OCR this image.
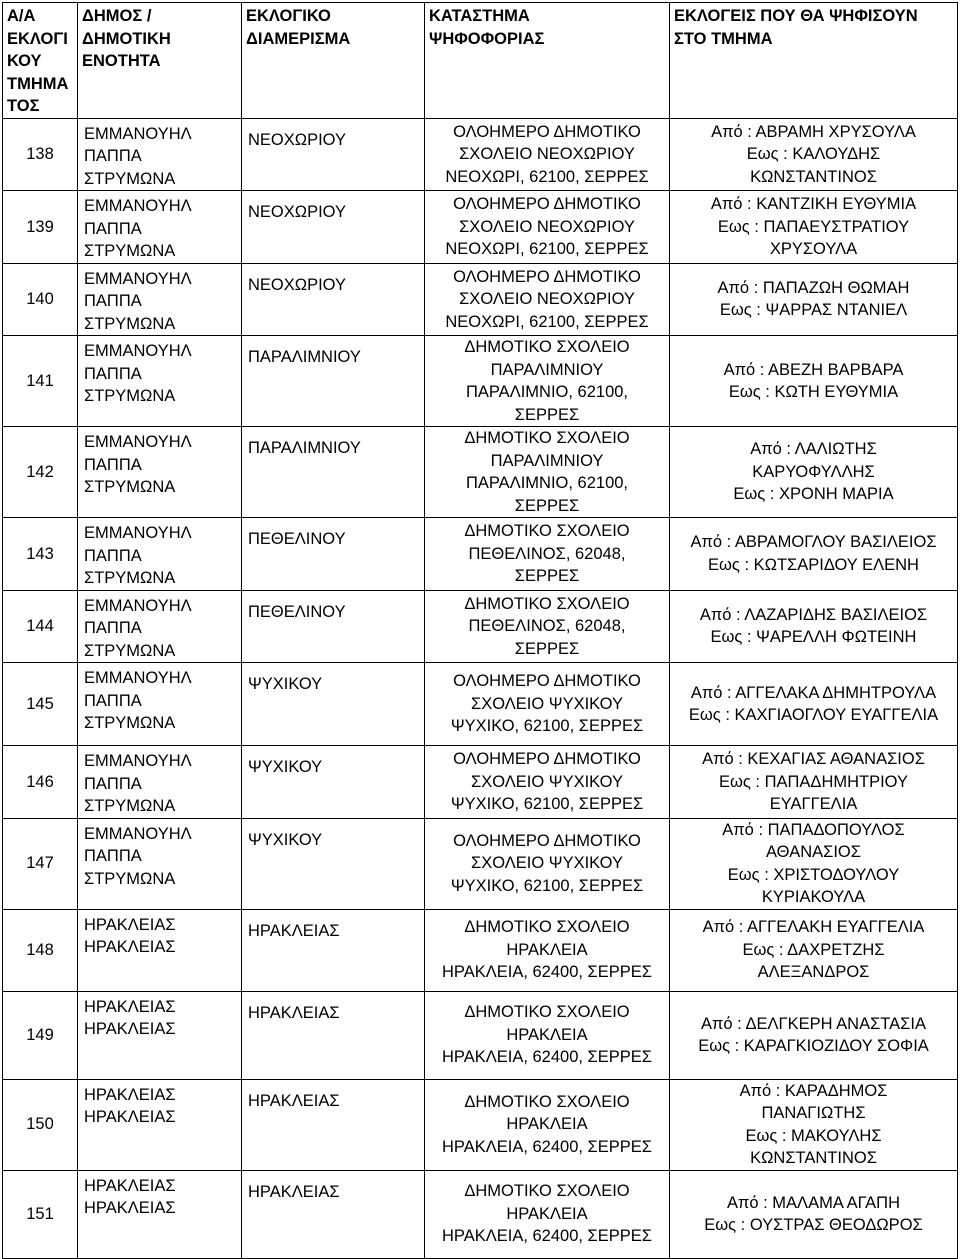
Α/Α
ΕΚΛΟΓΙ
ΚΟΥ
ΤΜΗΜΑ
ΤΟΣ	ΔΗΜΟΣ /
ΔΗΜΟΤΙΚΗ
ΕΝΟΤΗΤΑ	ΕΚΛΟΓΙΚΟ
ΔΙΑΜΕΡΙΣΜΑ	ΚΑΤΑΣΤΗΜΑ
ΨΗΦΟΦΟΡΙΑΣ	ΕΚΛΟΓΕΙΣ ΠΟΥ ΘΑ ΨΗΦΙΣΟΥΝ
ΣΤΟ ΤΜΗΜΑ

138	ΕΜΜΑΝΟΥΗΛ
ΠΑΠΠΑ
ΣΤΡΥΜΩΝΑ	ΝΕΟΧΩΡΙΟΥ	ΟΛΟΗΜΕΡΟ ΔΗΜΟΤΙΚΟ
ΣΧΟΛΕΙΟ ΝΕΟΧΩΡΙΟΥ
ΝΕΟΧΩΡΙ, 62100, ΣΕΡΡΕΣ	Από : ΑΒΡΑΜΗ ΧΡΥΣΟΥΛΑ
Εως : ΚΑΛΟΥΔΗΣ
ΚΩΝΣΤΑΝΤΙΝΟΣ

139	ΕΜΜΑΝΟΥΗΛ
ΠΑΠΠΑ
ΣΤΡΥΜΩΝΑ	ΝΕΟΧΩΡΙΟΥ	ΟΛΟΗΜΕΡΟ ΔΗΜΟΤΙΚΟ
ΣΧΟΛΕΙΟ ΝΕΟΧΩΡΙΟΥ
ΝΕΟΧΩΡΙ, 62100, ΣΕΡΡΕΣ	Από : ΚΑΝΤΖΙΚΗ ΕΥΘΥΜΙΑ
Εως : ΠΑΠΑΕΥΣΤΡΑΤΙΟΥ
ΧΡΥΣΟΥΛΑ

140	ΕΜΜΑΝΟΥΗΛ
ΠΑΠΠΑ
ΣΤΡΥΜΩΝΑ	ΝΕΟΧΩΡΙΟΥ	ΟΛΟΗΜΕΡΟ ΔΗΜΟΤΙΚΟ
ΣΧΟΛΕΙΟ ΝΕΟΧΩΡΙΟΥ
ΝΕΟΧΩΡΙ, 62100, ΣΕΡΡΕΣ	Από : ΠΑΠΑΖΩΗ ΘΩΜΑΗ
Εως : ΨΑΡΡΑΣ ΝΤΑΝΙΕΛ

141	ΕΜΜΑΝΟΥΗΛ
ΠΑΠΠΑ
ΣΤΡΥΜΩΝΑ	ΠΑΡΑΛΙΜΝΙΟΥ	ΔΗΜΟΤΙΚΟ ΣΧΟΛΕΙΟ
ΠΑΡΑΛΙΜΝΙΟΥ
ΠΑΡΑΛΙΜΝΙΟ, 62100,
ΣΕΡΡΕΣ	Από : ΑΒΕΖΗ ΒΑΡΒΑΡΑ
Εως : ΚΩΤΗ ΕΥΘΥΜΙΑ

142	ΕΜΜΑΝΟΥΗΛ
ΠΑΠΠΑ
ΣΤΡΥΜΩΝΑ	ΠΑΡΑΛΙΜΝΙΟΥ	ΔΗΜΟΤΙΚΟ ΣΧΟΛΕΙΟ
ΠΑΡΑΛΙΜΝΙΟΥ
ΠΑΡΑΛΙΜΝΙΟ, 62100,
ΣΕΡΡΕΣ	Από : ΛΑΛΙΩΤΗΣ
ΚΑΡΥΟΦΥΛΛΗΣ
Εως : ΧΡΟΝΗ ΜΑΡΙΑ

143	ΕΜΜΑΝΟΥΗΛ
ΠΑΠΠΑ
ΣΤΡΥΜΩΝΑ	ΠΕΘΕΛΙΝΟΥ	ΔΗΜΟΤΙΚΟ ΣΧΟΛΕΙΟ
ΠΕΘΕΛΙΝΟΣ, 62048,
ΣΕΡΡΕΣ	Από : ΑΒΡΑΜΟΓΛΟΥ ΒΑΣΙΛΕΙΟΣ
Εως : ΚΩΤΣΑΡΙΔΟΥ ΕΛΕΝΗ

144	ΕΜΜΑΝΟΥΗΛ
ΠΑΠΠΑ
ΣΤΡΥΜΩΝΑ	ΠΕΘΕΛΙΝΟΥ	ΔΗΜΟΤΙΚΟ ΣΧΟΛΕΙΟ
ΠΕΘΕΛΙΝΟΣ, 62048,
ΣΕΡΡΕΣ	Από : ΛΑΖΑΡΙΔΗΣ ΒΑΣΙΛΕΙΟΣ
Εως : ΨΑΡΕΛΛΗ ΦΩΤΕΙΝΗ

145	ΕΜΜΑΝΟΥΗΛ
ΠΑΠΠΑ
ΣΤΡΥΜΩΝΑ	ΨΥΧΙΚΟΥ	ΟΛΟΗΜΕΡΟ ΔΗΜΟΤΙΚΟ
ΣΧΟΛΕΙΟ ΨΥΧΙΚΟΥ
ΨΥΧΙΚΟ, 62100, ΣΕΡΡΕΣ	Από : ΑΓΓΕΛΑΚΑ ΔΗΜΗΤΡΟΥΛΑ
Εως : ΚΑΧΓΙΑΟΓΛΟΥ ΕΥΑΓΓΕΛΙΑ

146	ΕΜΜΑΝΟΥΗΛ
ΠΑΠΠΑ
ΣΤΡΥΜΩΝΑ	ΨΥΧΙΚΟΥ	ΟΛΟΗΜΕΡΟ ΔΗΜΟΤΙΚΟ
ΣΧΟΛΕΙΟ ΨΥΧΙΚΟΥ
ΨΥΧΙΚΟ, 62100, ΣΕΡΡΕΣ	Από : ΚΕΧΑΓΙΑΣ ΑΘΑΝΑΣΙΟΣ
Εως : ΠΑΠΑΔΗΜΗΤΡΙΟΥ
ΕΥΑΓΓΕΛΙΑ

147	ΕΜΜΑΝΟΥΗΛ
ΠΑΠΠΑ
ΣΤΡΥΜΩΝΑ	ΨΥΧΙΚΟΥ	ΟΛΟΗΜΕΡΟ ΔΗΜΟΤΙΚΟ
ΣΧΟΛΕΙΟ ΨΥΧΙΚΟΥ
ΨΥΧΙΚΟ, 62100, ΣΕΡΡΕΣ	Από : ΠΑΠΑΔΟΠΟΥΛΟΣ
ΑΘΑΝΑΣΙΟΣ
Εως : ΧΡΙΣΤΟΔΟΥΛΟΥ
ΚΥΡΙΑΚΟΥΛΑ

148	ΗΡΑΚΛΕΙΑΣ
ΗΡΑΚΛΕΙΑΣ	ΗΡΑΚΛΕΙΑΣ	ΔΗΜΟΤΙΚΟ ΣΧΟΛΕΙΟ
ΗΡΑΚΛΕΙΑ
ΗΡΑΚΛΕΙΑ, 62400, ΣΕΡΡΕΣ	Από : ΑΓΓΕΛΑΚΗ ΕΥΑΓΓΕΛΙΑ
Εως : ΔΑΧΡΕΤΖΗΣ
ΑΛΕΞΑΝΔΡΟΣ

149	ΗΡΑΚΛΕΙΑΣ
ΗΡΑΚΛΕΙΑΣ	ΗΡΑΚΛΕΙΑΣ	ΔΗΜΟΤΙΚΟ ΣΧΟΛΕΙΟ
ΗΡΑΚΛΕΙΑ
ΗΡΑΚΛΕΙΑ, 62400, ΣΕΡΡΕΣ	Από : ΔΕΛΓΚΕΡΗ ΑΝΑΣΤΑΣΙΑ
Εως : ΚΑΡΑΓΚΙΟΖΙΔΟΥ ΣΟΦΙΑ

150	ΗΡΑΚΛΕΙΑΣ
ΗΡΑΚΛΕΙΑΣ	ΗΡΑΚΛΕΙΑΣ	ΔΗΜΟΤΙΚΟ ΣΧΟΛΕΙΟ
ΗΡΑΚΛΕΙΑ
ΗΡΑΚΛΕΙΑ, 62400, ΣΕΡΡΕΣ	Από : ΚΑΡΑΔΗΜΟΣ
ΠΑΝΑΓΙΩΤΗΣ
Εως : ΜΑΚΟΥΛΗΣ
ΚΩΝΣΤΑΝΤΙΝΟΣ

151	ΗΡΑΚΛΕΙΑΣ
ΗΡΑΚΛΕΙΑΣ	ΗΡΑΚΛΕΙΑΣ	ΔΗΜΟΤΙΚΟ ΣΧΟΛΕΙΟ
ΗΡΑΚΛΕΙΑ
ΗΡΑΚΛΕΙΑ, 62400, ΣΕΡΡΕΣ	Από : ΜΑΛΑΜΑ ΑΓΑΠΗ
Εως : ΟΥΣΤΡΑΣ ΘΕΟΔΩΡΟΣ
